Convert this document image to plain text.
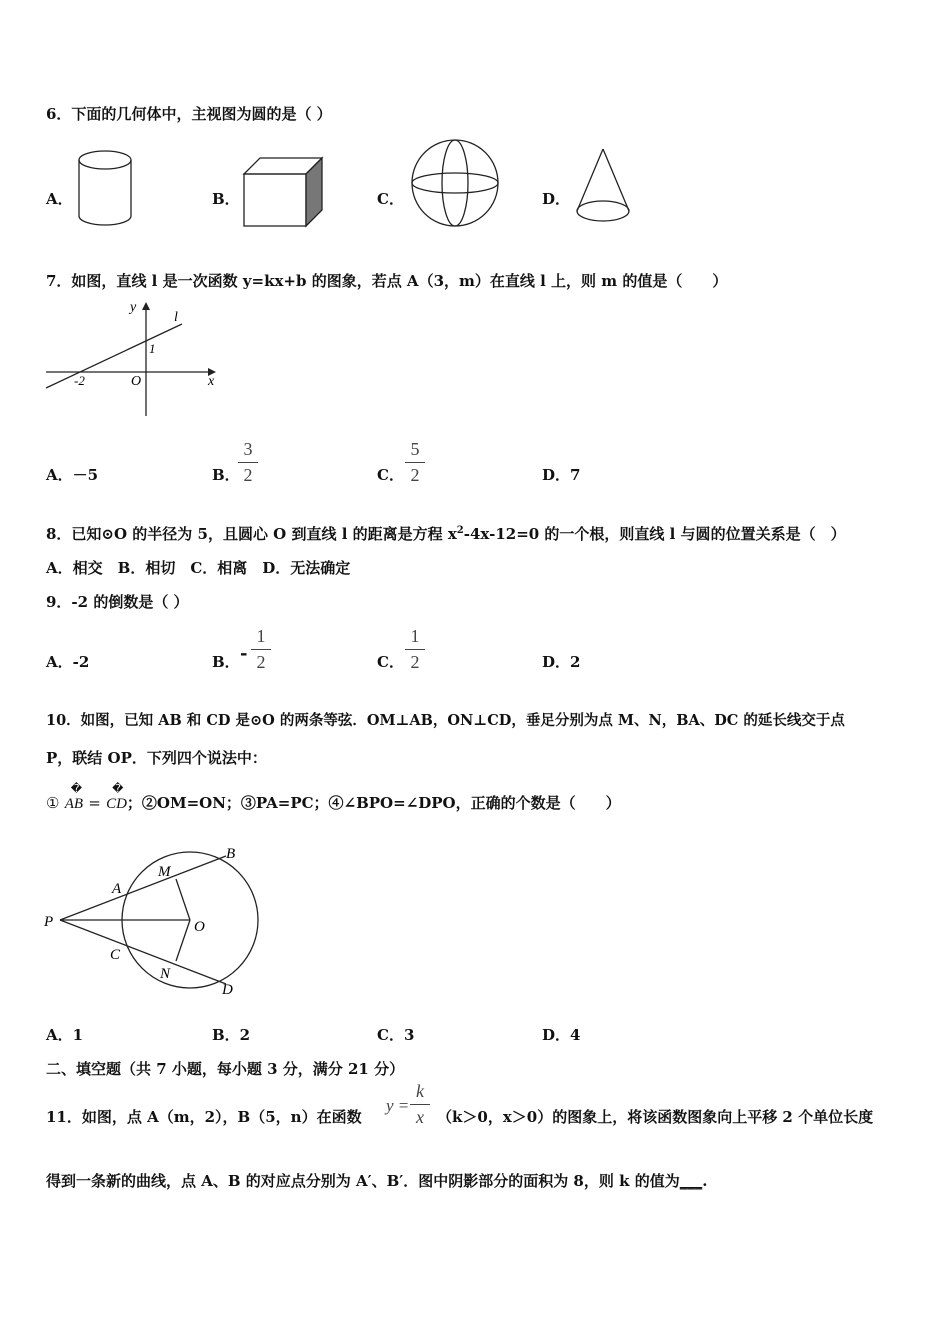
6．下面的几何体中，主视图为圆的是（ ）
A．	B．	C．	D．
7．如图，直线 l 是一次函数 y=kx+b 的图象，若点 A（3，m）在直线 l 上，则 m 的值是（　　）
y
x
l
O
-2
1
A．－5	B．
3
2	C．
5
2	D．7
8．已知⊙O 的半径为 5，且圆心 O 到直线 l 的距离是方程 $x^2-4x-12=0$ 的一个根，则直线 l 与圆的位置关系是（　）
A．相交　B．相切　C．相离　D．无法确定
9．-2 的倒数是（ ）
A．-2	B． -
1
2	C．
1
2	D．2
10．如图，已知 AB 和 CD 是⊙O 的两条等弦．OM⊥AB，ON⊥CD，垂足分别为点 M、N，BA、DC 的延长线交于点
P，联结 OP．下列四个说法中：
①
�
AB =
�
CD；②OM=ON；③PA=PC；④∠BPO=∠DPO，正确的个数是（　　）
P
A
M
B
O
C
N
D
A．1	B．2	C．3	D．4
二、填空题（共 7 小题，每小题 3 分，满分 21 分）
11．如图，点 A（m，2），B（5，n）在函数
y =
k
x （k＞0，x＞0）的图象上，将该函数图象向上平移 2 个单位长度
得到一条新的曲线，点 A、B 的对应点分别为 A′、B′．图中阴影部分的面积为 8，则 k 的值为___.
